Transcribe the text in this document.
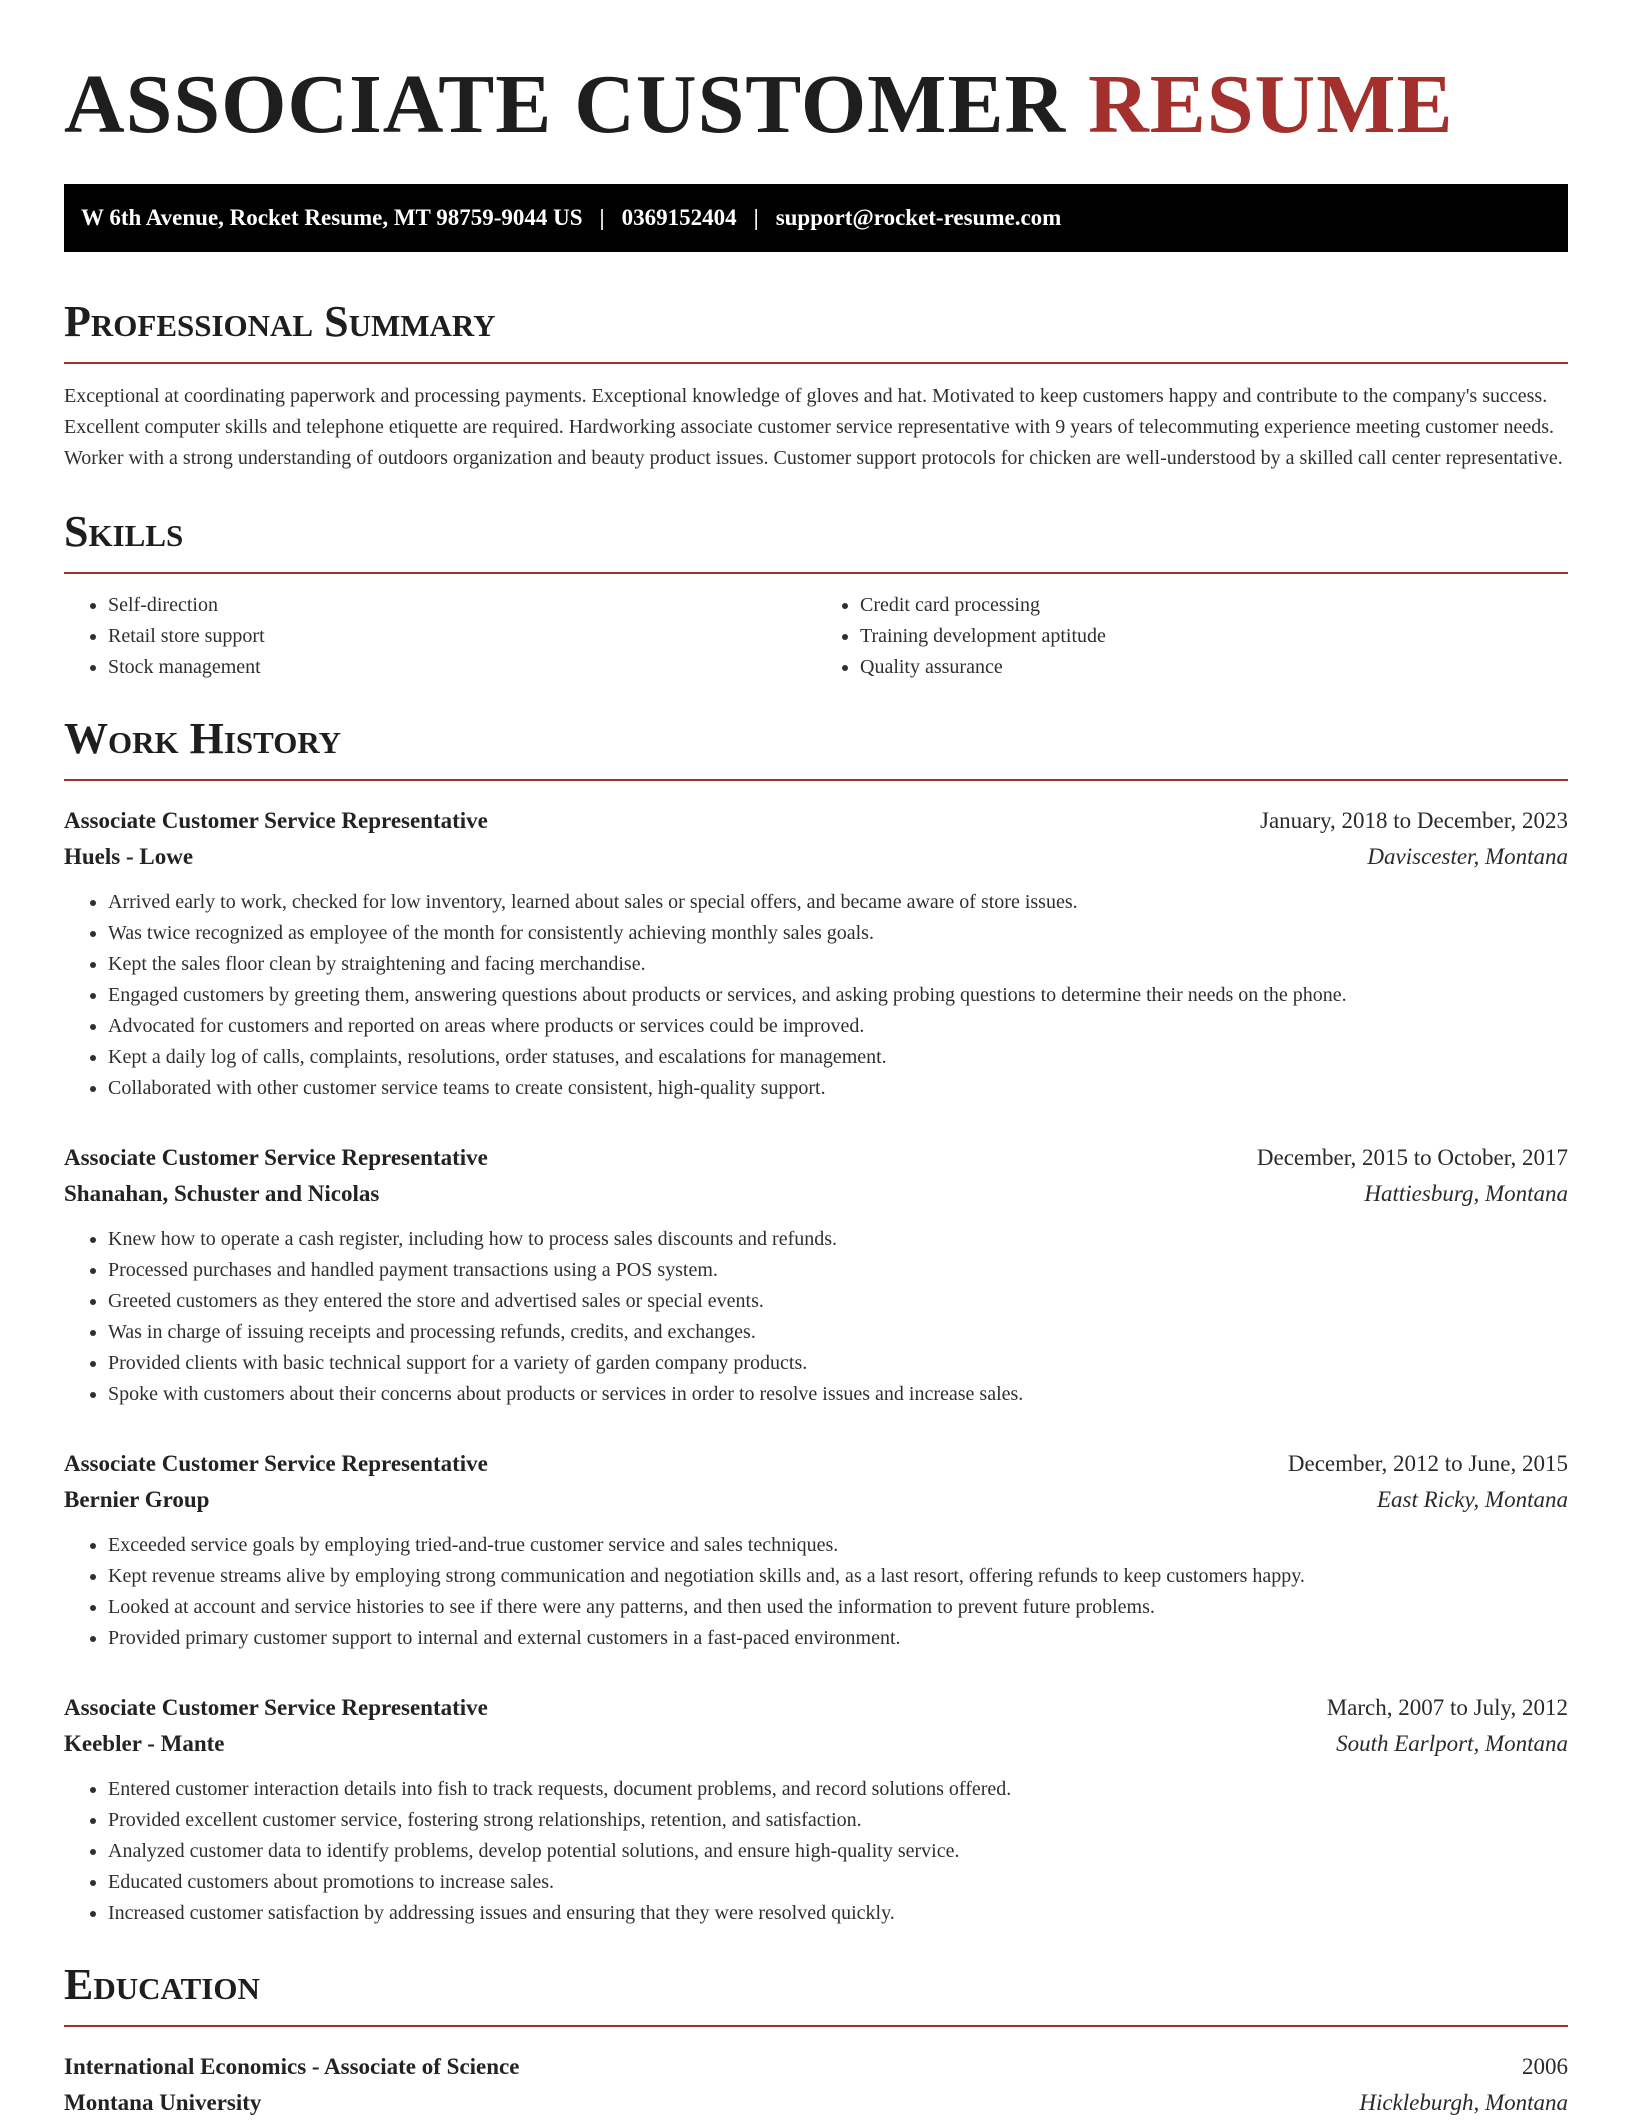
ASSOCIATE CUSTOMER RESUME
W 6th Avenue, Rocket Resume, MT 98759-9044 US | 0369152404 | support@rocket-resume.com
Professional Summary

Exceptional at coordinating paperwork and processing payments. Exceptional knowledge of gloves and hat. Motivated to keep customers happy and contribute to the company's success. Excellent computer skills and telephone etiquette are required. Hardworking associate customer service representative with 9 years of telecommuting experience meeting customer needs. Worker with a strong understanding of outdoors organization and beauty product issues. Customer support protocols for chicken are well-understood by a skilled call center representative.

Skills
• Self-direction
• Retail store support
• Stock management
• Credit card processing
• Training development aptitude
• Quality assurance
Work History
Associate Customer Service Representative	January, 2018 to December, 2023
Huels - Lowe	Daviscester, Montana
• Arrived early to work, checked for low inventory, learned about sales or special offers, and became aware of store issues.
• Was twice recognized as employee of the month for consistently achieving monthly sales goals.
• Kept the sales floor clean by straightening and facing merchandise.
• Engaged customers by greeting them, answering questions about products or services, and asking probing questions to determine their needs on the phone.
• Advocated for customers and reported on areas where products or services could be improved.
• Kept a daily log of calls, complaints, resolutions, order statuses, and escalations for management.
• Collaborated with other customer service teams to create consistent, high-quality support.
Associate Customer Service Representative	December, 2015 to October, 2017
Shanahan, Schuster and Nicolas	Hattiesburg, Montana
• Knew how to operate a cash register, including how to process sales discounts and refunds.
• Processed purchases and handled payment transactions using a POS system.
• Greeted customers as they entered the store and advertised sales or special events.
• Was in charge of issuing receipts and processing refunds, credits, and exchanges.
• Provided clients with basic technical support for a variety of garden company products.
• Spoke with customers about their concerns about products or services in order to resolve issues and increase sales.
Associate Customer Service Representative	December, 2012 to June, 2015
Bernier Group	East Ricky, Montana
• Exceeded service goals by employing tried-and-true customer service and sales techniques.
• Kept revenue streams alive by employing strong communication and negotiation skills and, as a last resort, offering refunds to keep customers happy.
• Looked at account and service histories to see if there were any patterns, and then used the information to prevent future problems.
• Provided primary customer support to internal and external customers in a fast-paced environment.
Associate Customer Service Representative	March, 2007 to July, 2012
Keebler - Mante	South Earlport, Montana
• Entered customer interaction details into fish to track requests, document problems, and record solutions offered.
• Provided excellent customer service, fostering strong relationships, retention, and satisfaction.
• Analyzed customer data to identify problems, develop potential solutions, and ensure high-quality service.
• Educated customers about promotions to increase sales.
• Increased customer satisfaction by addressing issues and ensuring that they were resolved quickly.
Education
International Economics - Associate of Science	2006
Montana University	Hickleburgh, Montana
